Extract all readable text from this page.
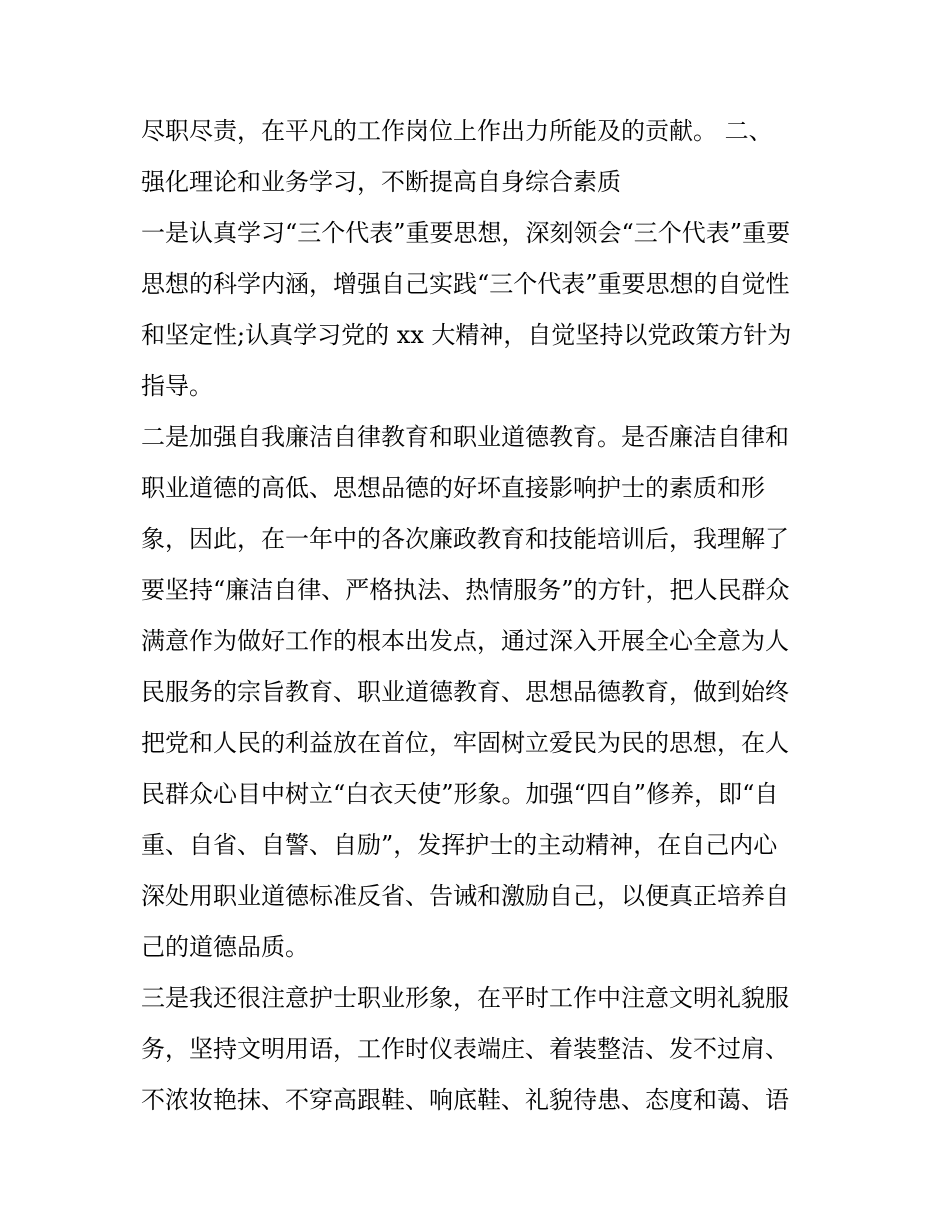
尽职尽责，在平凡的工作岗位上作出力所能及的贡献。 二、
强化理论和业务学习，不断提高自身综合素质
一是认真学习“三个代表”重要思想，深刻领会“三个代表”重要
思想的科学内涵，增强自己实践“三个代表”重要思想的自觉性
和坚定性;认真学习党的 xx 大精神，自觉坚持以党政策方针为
指导。
二是加强自我廉洁自律教育和职业道德教育。是否廉洁自律和
职业道德的高低、思想品德的好坏直接影响护士的素质和形
象，因此，在一年中的各次廉政教育和技能培训后，我理解了
要坚持“廉洁自律、严格执法、热情服务”的方针，把人民群众
满意作为做好工作的根本出发点，通过深入开展全心全意为人
民服务的宗旨教育、职业道德教育、思想品德教育，做到始终
把党和人民的利益放在首位，牢固树立爱民为民的思想，在人
民群众心目中树立“白衣天使”形象。加强“四自”修养，即“自
重、自省、自警、自励”，发挥护士的主动精神，在自己内心
深处用职业道德标准反省、告诫和激励自己，以便真正培养自
己的道德品质。
三是我还很注意护士职业形象，在平时工作中注意文明礼貌服
务，坚持文明用语，工作时仪表端庄、着装整洁、发不过肩、
不浓妆艳抹、不穿高跟鞋、响底鞋、礼貌待患、态度和蔼、语
